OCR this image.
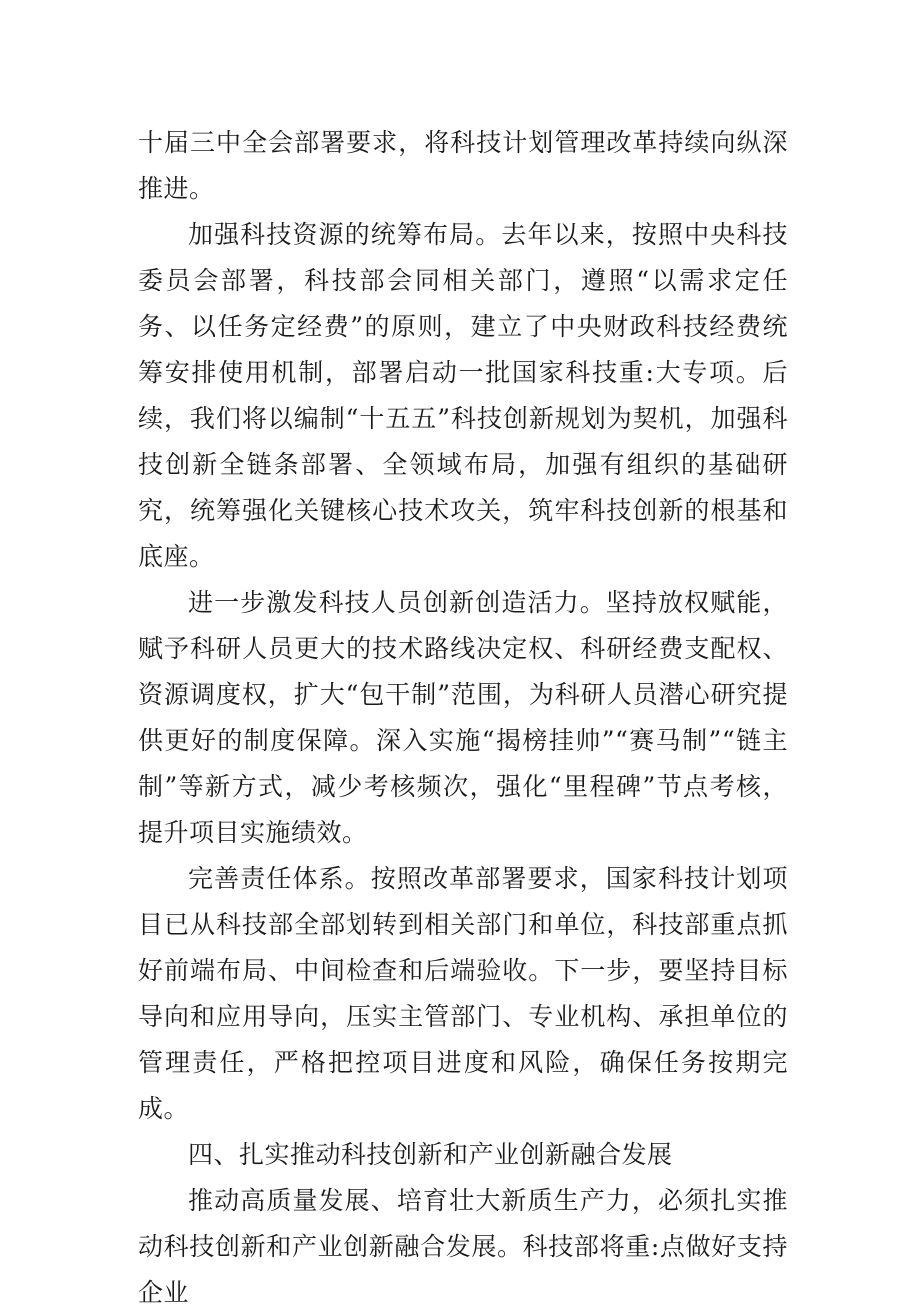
十届三中全会部署要求，将科技计划管理改革持续向纵深推进。

加强科技资源的统筹布局。去年以来，按照中央科技委员会部署，科技部会同相关部门，遵照“以需求定任务、以任务定经费”的原则，建立了中央财政科技经费统筹安排使用机制，部署启动一批国家科技重:大专项。后续，我们将以编制“十五五”科技创新规划为契机，加强科技创新全链条部署、全领域布局，加强有组织的基础研究，统筹强化关键核心技术攻关，筑牢科技创新的根基和底座。

进一步激发科技人员创新创造活力。坚持放权赋能，赋予科研人员更大的技术路线决定权、科研经费支配权、资源调度权，扩大“包干制”范围，为科研人员潜心研究提供更好的制度保障。深入实施“揭榜挂帅”“赛马制”“链主制”等新方式，减少考核频次，强化“里程碑”节点考核，提升项目实施绩效。

完善责任体系。按照改革部署要求，国家科技计划项目已从科技部全部划转到相关部门和单位，科技部重点抓好前端布局、中间检查和后端验收。下一步，要坚持目标导向和应用导向，压实主管部门、专业机构、承担单位的管理责任，严格把控项目进度和风险，确保任务按期完成。

四、扎实推动科技创新和产业创新融合发展

推动高质量发展、培育壮大新质生产力，必须扎实推动科技创新和产业创新融合发展。科技部将重:点做好支持企业
